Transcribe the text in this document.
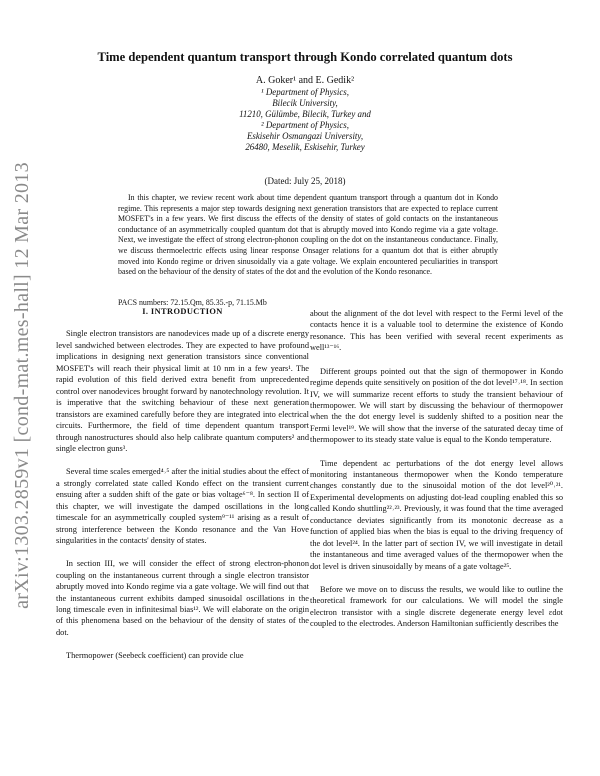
arXiv:1303.2859v1 [cond-mat.mes-hall] 12 Mar 2013
Time dependent quantum transport through Kondo correlated quantum dots
A. Goker¹ and E. Gedik²
¹ Department of Physics,
Bilecik University,
11210, Gülümbe, Bilecik, Turkey and
² Department of Physics,
Eskisehir Osmangazi University,
26480, Meselik, Eskisehir, Turkey
(Dated: July 25, 2018)

In this chapter, we review recent work about time dependent quantum transport through a quantum dot in Kondo regime. This represents a major step towards designing next generation transistors that are expected to replace current MOSFET's in a few years. We first discuss the effects of the density of states of gold contacts on the instantaneous conductance of an asymmetrically coupled quantum dot that is abruptly moved into Kondo regime via a gate voltage. Next, we investigate the effect of strong electron-phonon coupling on the dot on the instantaneous conductance. Finally, we discuss thermoelectric effects using linear response Onsager relations for a quantum dot that is either abruptly moved into Kondo regime or driven sinusoidally via a gate voltage. We explain encountered peculiarities in transport based on the behaviour of the density of states of the dot and the evolution of the Kondo resonance.

PACS numbers: 72.15.Qm, 85.35.-p, 71.15.Mb

I. INTRODUCTION

Single electron transistors are nanodevices made up of a discrete energy level sandwiched between electrodes. They are expected to have profound implications in designing next generation transistors since conventional MOSFET's will reach their physical limit at 10 nm in a few years¹. The rapid evolution of this field derived extra benefit from unprecedented control over nanodevices brought forward by nanotechnology revolution. It is imperative that the switching behaviour of these next generation transistors are examined carefully before they are integrated into electrical circuits. Furthermore, the field of time dependent quantum transport through nanostructures should also help calibrate quantum computers² and single electron guns³.

Several time scales emerged⁴˒⁵ after the initial studies about the effect of a strongly correlated state called Kondo effect on the transient current ensuing after a sudden shift of the gate or bias voltage⁶⁻⁸. In section II of this chapter, we will investigate the damped oscillations in the long timescale for an asymmetrically coupled system⁹⁻¹¹ arising as a result of strong interference between the Kondo resonance and the Van Hove singularities in the contacts' density of states.

In section III, we will consider the effect of strong electron-phonon coupling on the instantaneous current through a single electron transistor abruptly moved into Kondo regime via a gate voltage. We will find out that the instantaneous current exhibits damped sinusoidal oscillations in the long timescale even in infinitesimal bias¹². We will elaborate on the origin of this phenomena based on the behaviour of the density of states of the dot.

Thermopower (Seebeck coefficient) can provide clue

about the alignment of the dot level with respect to the Fermi level of the contacts hence it is a valuable tool to determine the existence of Kondo resonance. This has been verified with several recent experiments as well¹³⁻¹⁶.

Different groups pointed out that the sign of thermopower in Kondo regime depends quite sensitively on position of the dot level¹⁷˒¹⁸. In section IV, we will summarize recent efforts to study the transient behaviour of thermopower. We will start by discussing the behaviour of thermopower when the the dot energy level is suddenly shifted to a position near the Fermi level¹⁹. We will show that the inverse of the saturated decay time of thermopower to its steady state value is equal to the Kondo temperature.

Time dependent ac perturbations of the dot energy level allows monitoring instantaneous thermopower when the Kondo temperature changes constantly due to the sinusoidal motion of the dot level²⁰˒²¹. Experimental developments on adjusting dot-lead coupling enabled this so called Kondo shuttling²²˒²³. Previously, it was found that the time averaged conductance deviates significantly from its monotonic decrease as a function of applied bias when the bias is equal to the driving frequency of the dot level²⁴. In the latter part of section IV, we will investigate in detail the instantaneous and time averaged values of the thermopower when the dot level is driven sinusoidally by means of a gate voltage²⁵.

Before we move on to discuss the results, we would like to outline the theoretical framework for our calculations. We will model the single electron transistor with a single discrete degenerate energy level εdot coupled to the electrodes. Anderson Hamiltonian sufficiently describes the
